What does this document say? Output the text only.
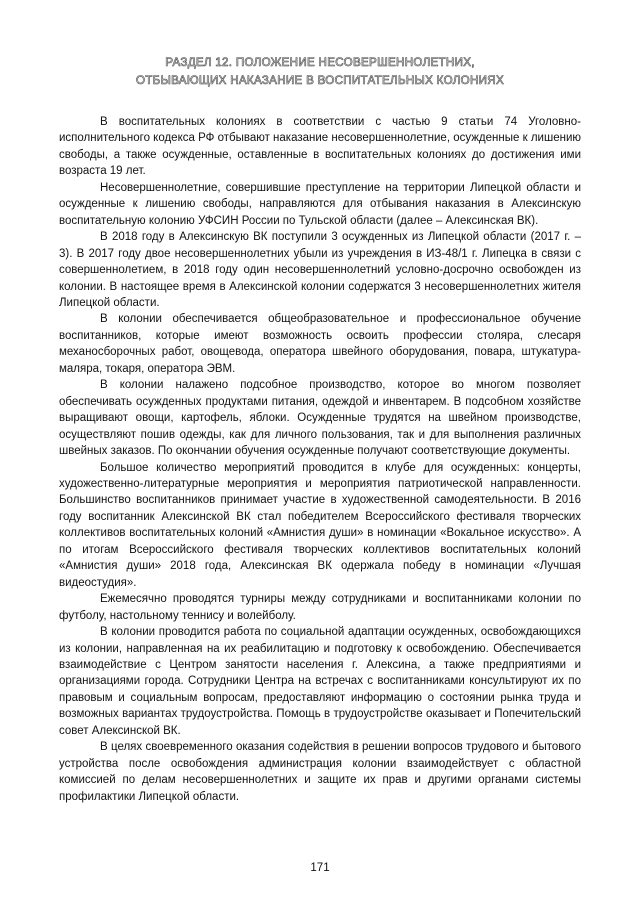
РАЗДЕЛ 12. ПОЛОЖЕНИЕ НЕСОВЕРШЕННОЛЕТНИХ,
ОТБЫВАЮЩИХ НАКАЗАНИЕ В ВОСПИТАТЕЛЬНЫХ КОЛОНИЯХ

В воспитательных колониях в соответствии с частью 9 статьи 74 Уголовно-исполнительного кодекса РФ отбывают наказание несовершеннолетние, осужденные к лишению свободы, а также осужденные, оставленные в воспитательных колониях до достижения ими возраста 19 лет.

Несовершеннолетние, совершившие преступление на территории Липецкой области и осужденные к лишению свободы, направляются для отбывания наказания в Алексинскую воспитательную колонию УФСИН России по Тульской области (далее – Алексинская ВК).

В 2018 году в Алексинскую ВК поступили 3 осужденных из Липецкой области (2017 г. – 3). В 2017 году двое несовершеннолетних убыли из учреждения в ИЗ-48/1 г. Липецка в связи с совершеннолетием, в 2018 году один несовершеннолетний условно-досрочно освобожден из колонии. В настоящее время в Алексинской колонии содержатся 3 несовершеннолетних жителя Липецкой области.

В колонии обеспечивается общеобразовательное и профессиональное обучение воспитанников, которые имеют возможность освоить профессии столяра, слесаря механосборочных работ, овощевода, оператора швейного оборудования, повара, штукатура-маляра, токаря, оператора ЭВМ.

В колонии налажено подсобное производство, которое во многом позволяет обеспечивать осужденных продуктами питания, одеждой и инвентарем. В подсобном хозяйстве выращивают овощи, картофель, яблоки. Осужденные трудятся на швейном производстве, осуществляют пошив одежды, как для личного пользования, так и для выполнения различных швейных заказов. По окончании обучения осужденные получают соответствующие документы.

Большое количество мероприятий проводится в клубе для осужденных: концерты, художественно-литературные мероприятия и мероприятия патриотической направленности. Большинство воспитанников принимает участие в художественной самодеятельности. В 2016 году воспитанник Алексинской ВК стал победителем Всероссийского фестиваля творческих коллективов воспитательных колоний «Амнистия души» в номинации «Вокальное искусство». А по итогам Всероссийского фестиваля творческих коллективов воспитательных колоний «Амнистия души» 2018 года, Алексинская ВК одержала победу в номинации «Лучшая видеостудия».

Ежемесячно проводятся турниры между сотрудниками и воспитанниками колонии по футболу, настольному теннису и волейболу.

В колонии проводится работа по социальной адаптации осужденных, освобождающихся из колонии, направленная на их реабилитацию и подготовку к освобождению. Обеспечивается взаимодействие с Центром занятости населения г. Алексина, а также предприятиями и организациями города. Сотрудники Центра на встречах с воспитанниками консультируют их по правовым и социальным вопросам, предоставляют информацию о состоянии рынка труда и возможных вариантах трудоустройства. Помощь в трудоустройстве оказывает и Попечительский совет Алексинской ВК.

В целях своевременного оказания содействия в решении вопросов трудового и бытового устройства после освобождения администрация колонии взаимодействует с областной комиссией по делам несовершеннолетних и защите их прав и другими органами системы профилактики Липецкой области.

171
